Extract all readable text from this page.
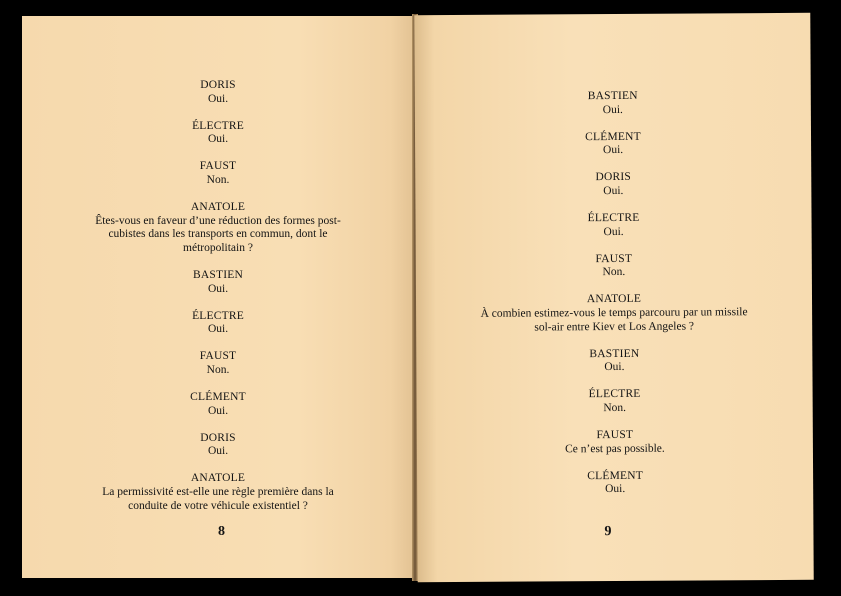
DORIS
Oui.
ÉLECTRE
Oui.
FAUST
Non.
ANATOLE
Êtes-vous en faveur d’une réduction des formes post-cubistes dans les transports en commun, dont le métropolitain ?
BASTIEN
Oui.
ÉLECTRE
Oui.
FAUST
Non.
CLÉMENT
Oui.
DORIS
Oui.
ANATOLE
La permissivité est-elle une règle première dans la conduite de votre véhicule existentiel ?
8
BASTIEN
Oui.
CLÉMENT
Oui.
DORIS
Oui.
ÉLECTRE
Oui.
FAUST
Non.
ANATOLE
À combien estimez-vous le temps parcouru par un missile sol-air entre Kiev et Los Angeles ?
BASTIEN
Oui.
ÉLECTRE
Non.
FAUST
Ce n’est pas possible.
CLÉMENT
Oui.
9
